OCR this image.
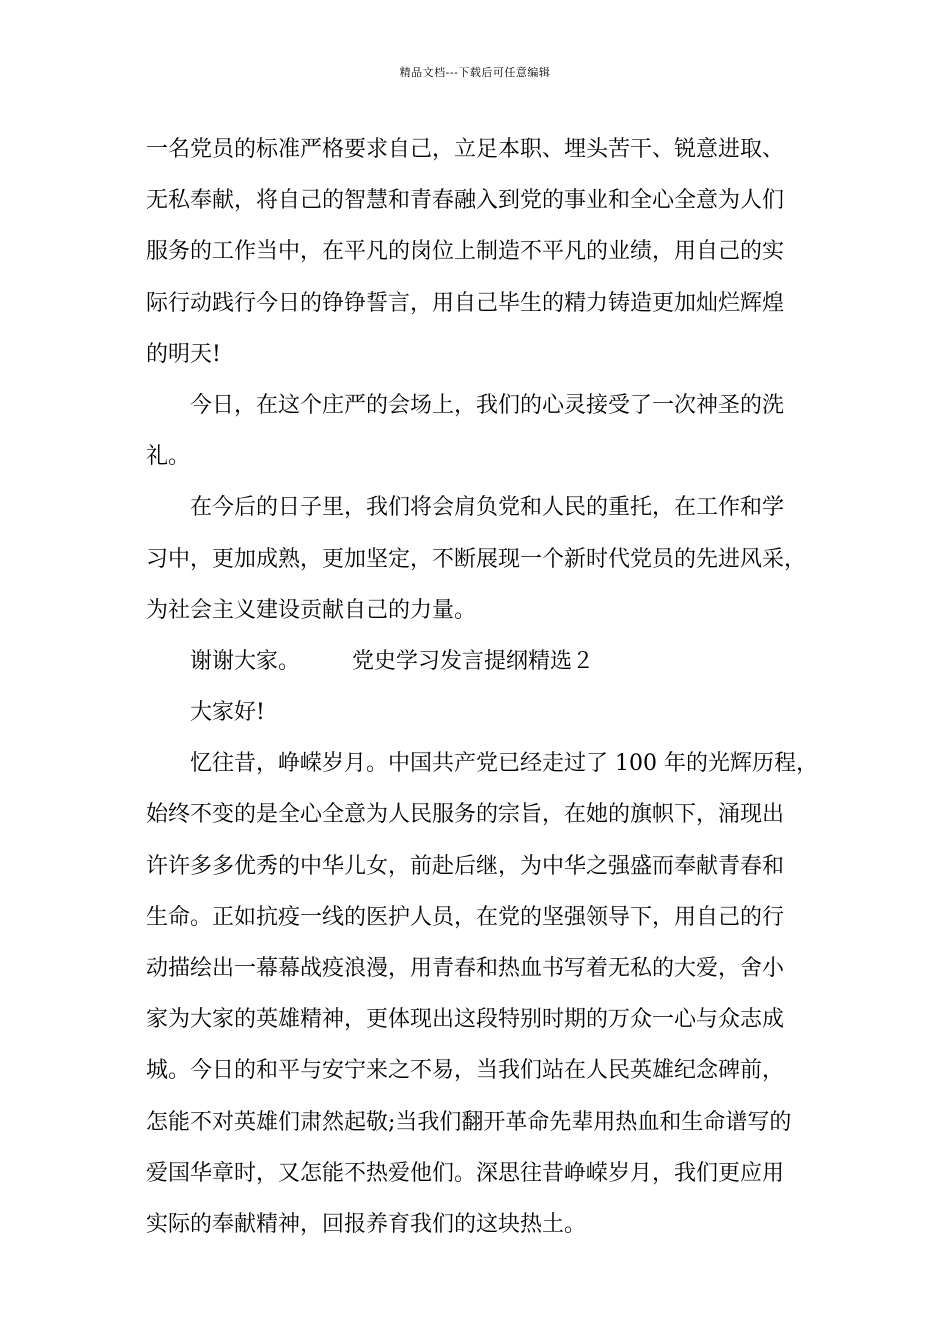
精品文档---下载后可任意编辑
一名党员的标准严格要求自己，立足本职、埋头苦干、锐意进取、
无私奉献，将自己的智慧和青春融入到党的事业和全心全意为人们
服务的工作当中，在平凡的岗位上制造不平凡的业绩，用自己的实
际行动践行今日的铮铮誓言，用自己毕生的精力铸造更加灿烂辉煌
的明天!
今日，在这个庄严的会场上，我们的心灵接受了一次神圣的洗
礼。
在今后的日子里，我们将会肩负党和人民的重托，在工作和学
习中，更加成熟，更加坚定，不断展现一个新时代党员的先进风采，
为社会主义建设贡献自己的力量。
谢谢大家。 党史学习发言提纲精选２
大家好!
忆往昔，峥嵘岁月。中国共产党已经走过了 100 年的光辉历程，
始终不变的是全心全意为人民服务的宗旨，在她的旗帜下，涌现出
许许多多优秀的中华儿女，前赴后继，为中华之强盛而奉献青春和
生命。正如抗疫一线的医护人员，在党的坚强领导下，用自己的行
动描绘出一幕幕战疫浪漫，用青春和热血书写着无私的大爱，舍小
家为大家的英雄精神，更体现出这段特别时期的万众一心与众志成
城。今日的和平与安宁来之不易，当我们站在人民英雄纪念碑前，
怎能不对英雄们肃然起敬;当我们翻开革命先辈用热血和生命谱写的
爱国华章时，又怎能不热爱他们。深思往昔峥嵘岁月，我们更应用
实际的奉献精神，回报养育我们的这块热土。
